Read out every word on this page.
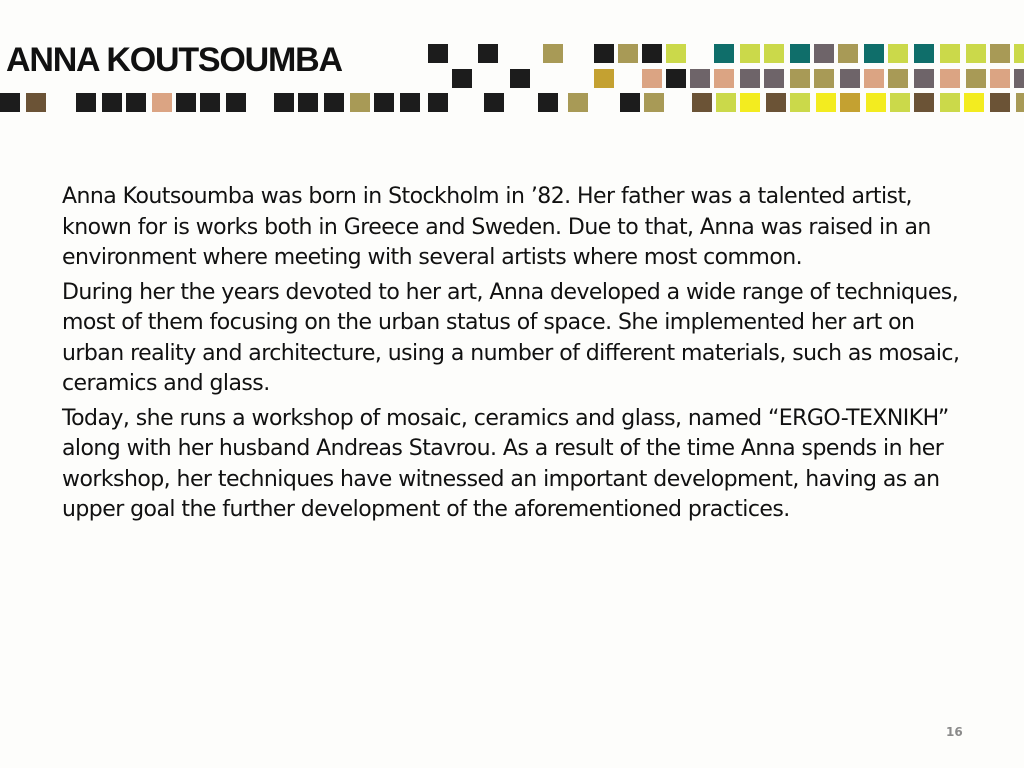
ANNA KOUTSOUMBA

Anna Koutsoumba was born in Stockholm in ’82. Her father was a talented artist, known for is works both in Greece and Sweden. Due to that, Anna was raised in an environment where meeting with several artists where most common.

During her the years devoted to her art, Anna developed a wide range of techniques, most of them focusing on the urban status of space. She implemented her art on urban reality and architecture, using a number of different materials, such as mosaic, ceramics and glass.

Today, she runs a workshop of mosaic, ceramics and glass, named “ERGO-TEXNIKH” along with her husband Andreas Stavrou. As a result of the time Anna spends in her workshop, her techniques have witnessed an important development, having as an upper goal the further development of the aforementioned practices.

16
